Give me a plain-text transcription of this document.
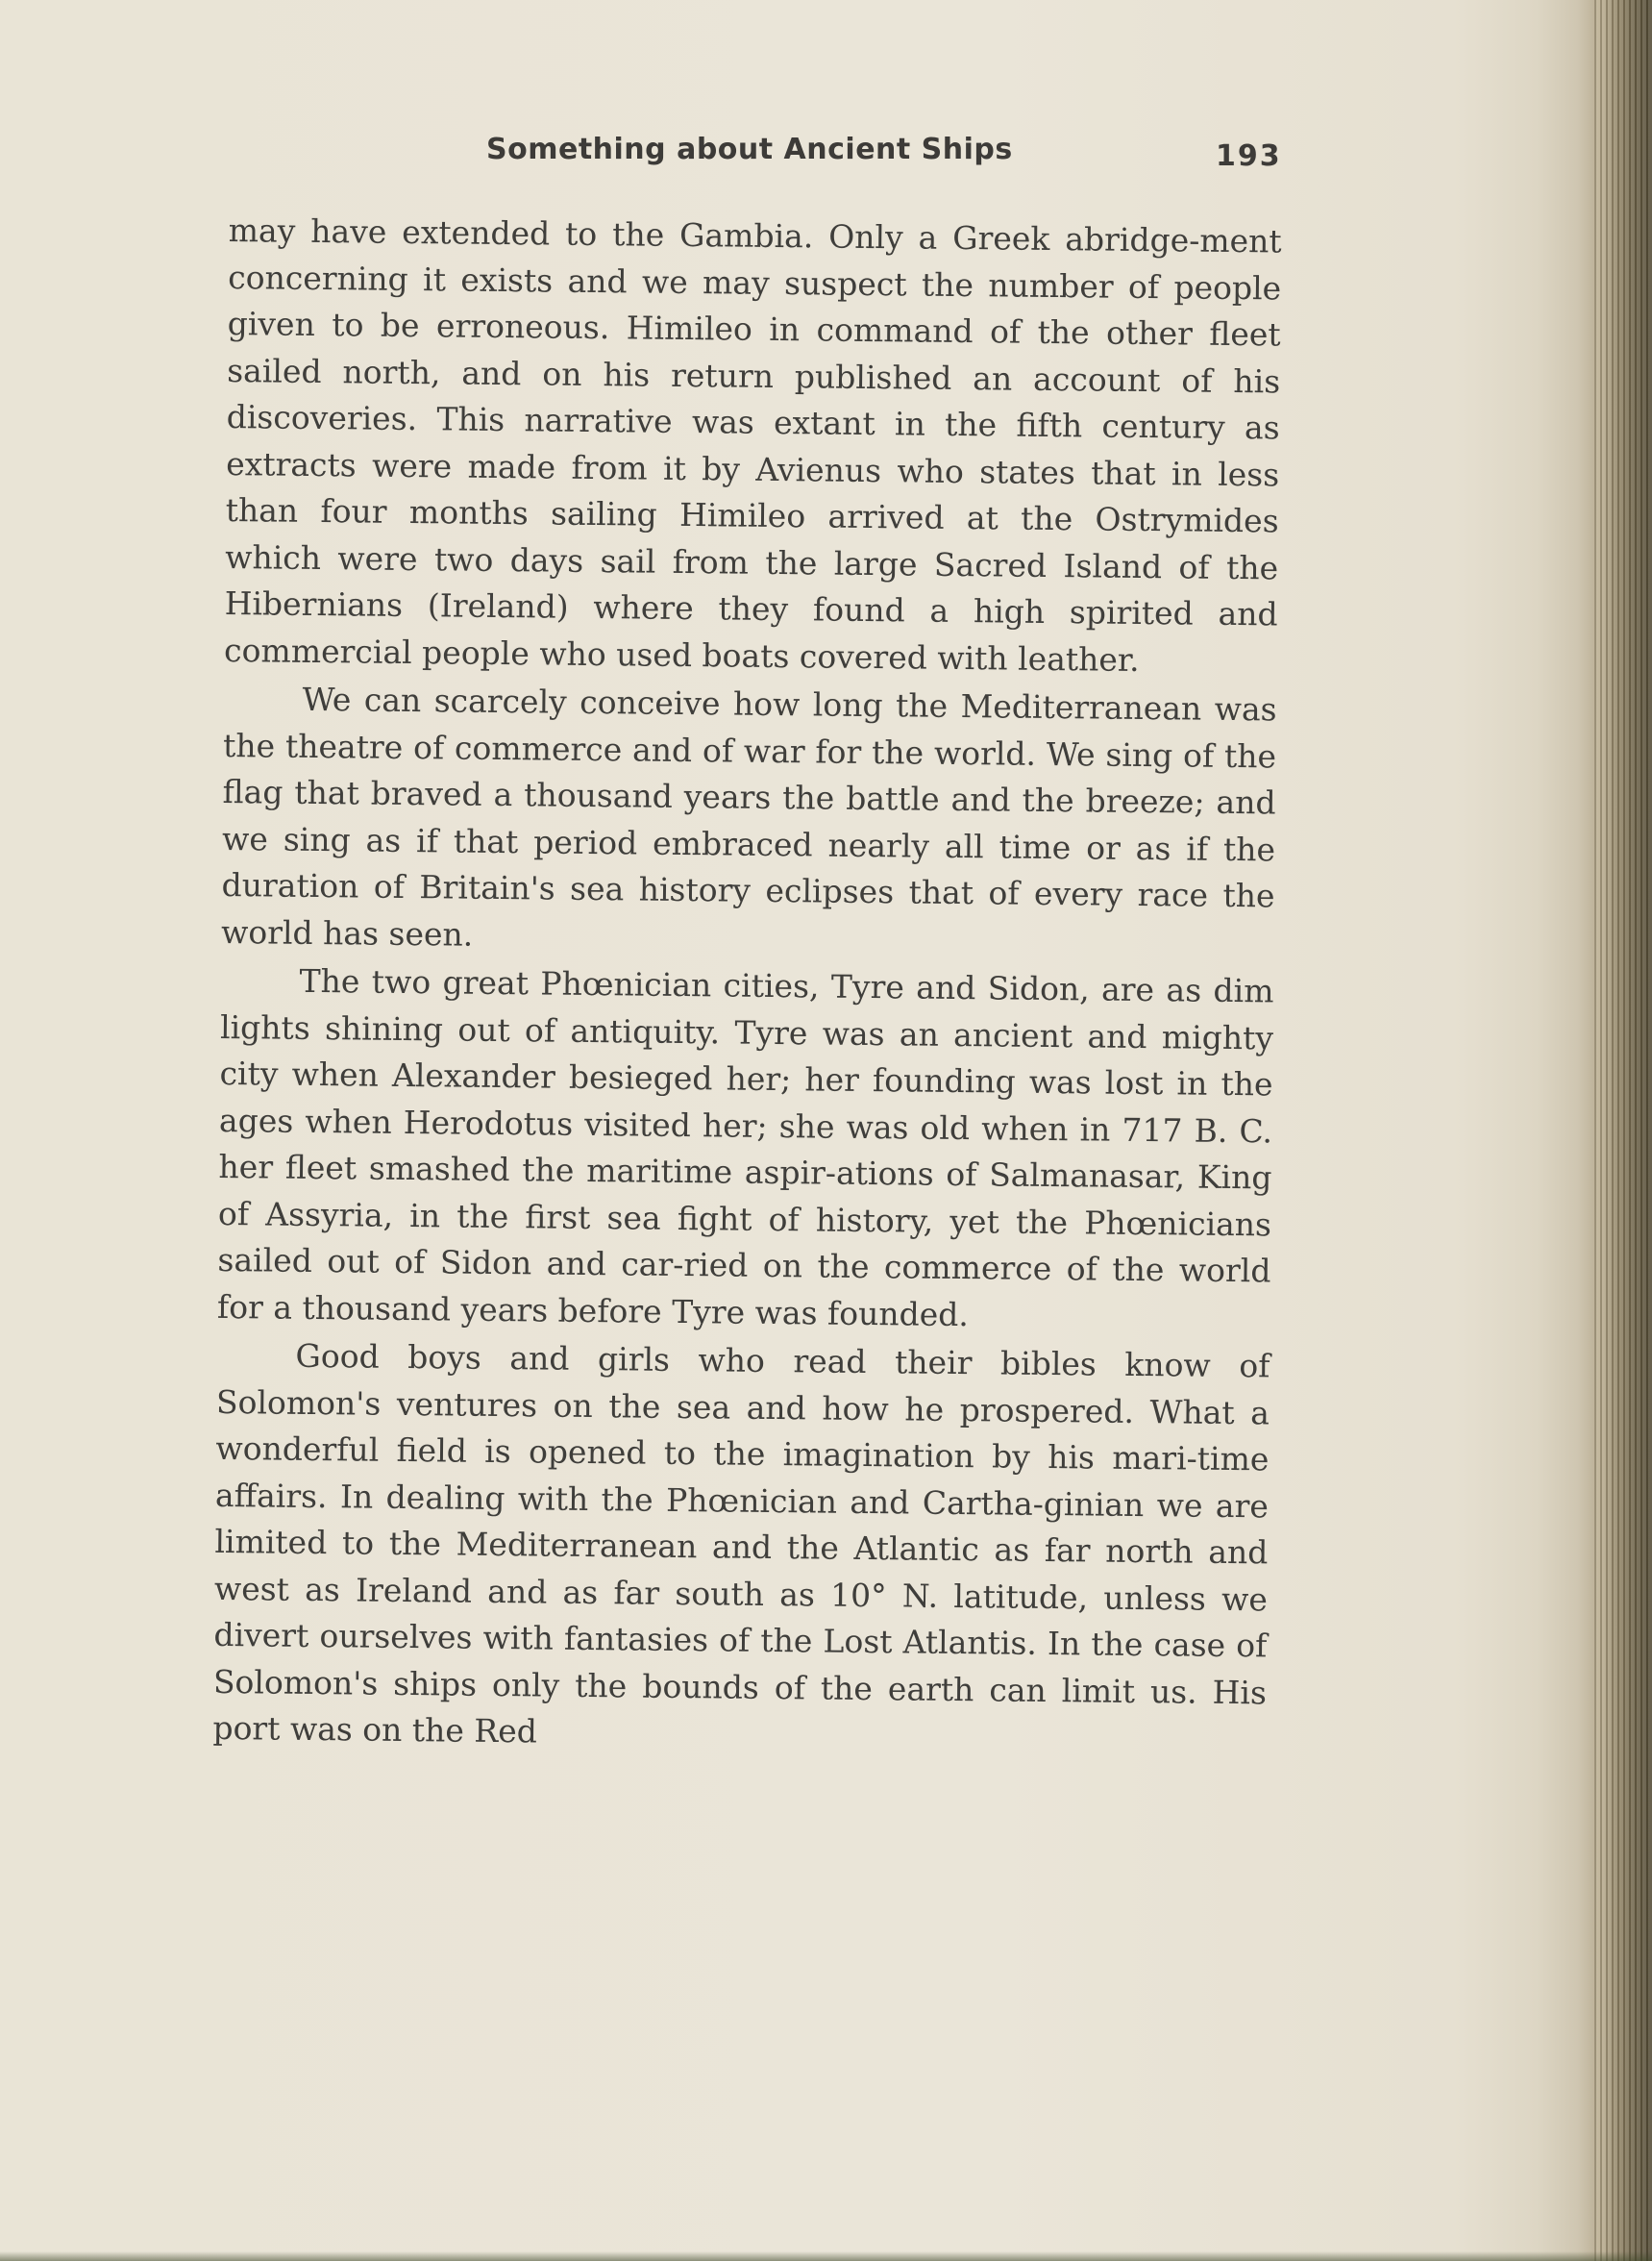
Something about Ancient Ships	193

may have extended to the Gambia. Only a Greek abridge-ment concerning it exists and we may suspect the number of people given to be erroneous. Himileo in command of the other fleet sailed north, and on his return published an account of his discoveries. This narrative was extant in the fifth century as extracts were made from it by Avienus who states that in less than four months sailing Himileo arrived at the Ostrymides which were two days sail from the large Sacred Island of the Hibernians (Ireland) where they found a high spirited and commercial people who used boats covered with leather.

We can scarcely conceive how long the Mediterranean was the theatre of commerce and of war for the world. We sing of the flag that braved a thousand years the battle and the breeze; and we sing as if that period embraced nearly all time or as if the duration of Britain's sea history eclipses that of every race the world has seen.

The two great Phœnician cities, Tyre and Sidon, are as dim lights shining out of antiquity. Tyre was an ancient and mighty city when Alexander besieged her; her founding was lost in the ages when Herodotus visited her; she was old when in 717 B. C. her fleet smashed the maritime aspir-ations of Salmanasar, King of Assyria, in the first sea fight of history, yet the Phœnicians sailed out of Sidon and car-ried on the commerce of the world for a thousand years before Tyre was founded.

Good boys and girls who read their bibles know of Solomon's ventures on the sea and how he prospered. What a wonderful field is opened to the imagination by his mari-time affairs. In dealing with the Phœnician and Cartha-ginian we are limited to the Mediterranean and the Atlantic as far north and west as Ireland and as far south as 10° N. latitude, unless we divert ourselves with fantasies of the Lost Atlantis. In the case of Solomon's ships only the bounds of the earth can limit us. His port was on the Red
